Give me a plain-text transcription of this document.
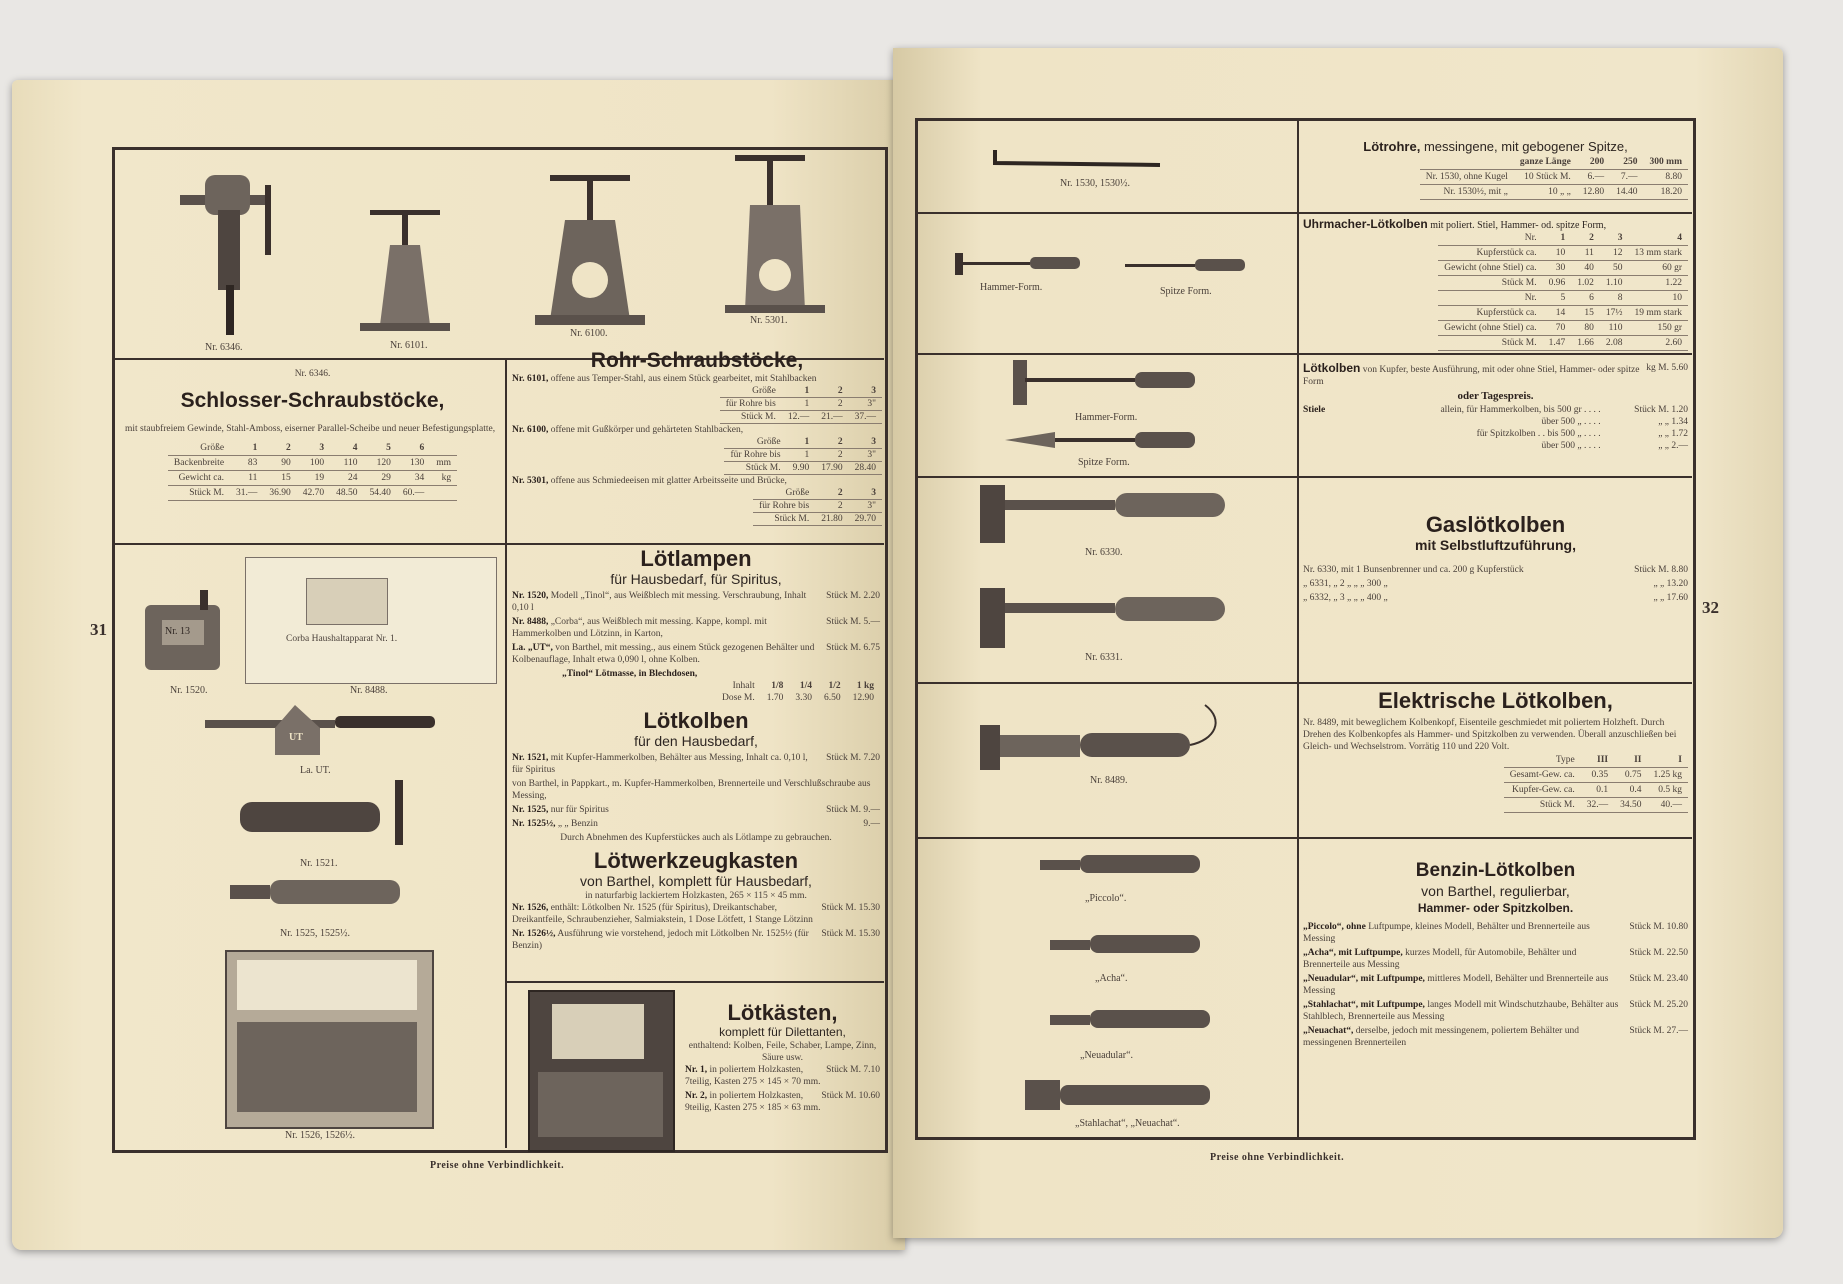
31
Preise ohne Verbindlichkeit.
Nr. 6346.	Nr. 6101.
Nr. 6100.
Nr. 5301.
Nr. 6346.
Schlosser-Schraubstöcke,
mit staubfreiem Gewinde, Stahl-Amboss, eiserner Parallel-Scheibe und neuer Befestigungsplatte,
Größe	1	2	3	4	5	6	
Backenbreite	83	90	100	110	120	130	mm
Gewicht ca.	11	15	19	24	29	34	kg
Stück M.	31.—	36.90	42.70	48.50	54.40	60.—	
Rohr-Schraubstöcke,
Nr. 6101, offene aus Temper-Stahl, aus einem Stück gearbeitet, mit Stahlbacken
Größe	1	2	3
für Rohre bis	1	2	3"
Stück M.	12.—	21.—	37.—
Nr. 6100, offene mit Gußkörper und gehärteten Stahlbacken,
Größe	1	2	3
für Rohre bis	1	2	3"
Stück M.	9.90	17.90	28.40
Nr. 5301, offene aus Schmiedeeisen mit glatter Arbeitsseite und Brücke,
Größe	2	3
für Rohre bis	2	3"
Stück M.	21.80	29.70
Nr. 13
Corba Haushaltapparat Nr. 1.
Nr. 1520.	Nr. 8488.
UT
La. UT.
Nr. 1521.
Nr. 1525, 1525½.
Nr. 1526, 1526½.
Lötlampen
für Hausbedarf, für Spiritus,
Stück M. 2.20
Nr. 1520, Modell „Tinol“, aus Weißblech mit messing. Verschraubung, Inhalt 0,10 l
Stück M. 5.—
Nr. 8488, „Corba“, aus Weißblech mit messing. Kappe, kompl. mit Hammerkolben und Lötzinn, in Karton,
Stück M. 6.75
La. „UT“, von Barthel, mit messing., aus einem Stück gezogenen Behälter und Kolbenauflage, Inhalt etwa 0,090 l, ohne Kolben.
„Tinol“ Lötmasse, in Blechdosen,
Inhalt	1/8	1/4	1/2	1 kg
Dose M.	1.70	3.30	6.50	12.90
Lötkolben
für den Hausbedarf,
Stück M. 7.20
Nr. 1521, mit Kupfer-Hammerkolben, Behälter aus Messing, Inhalt ca. 0,10 l, für Spiritus
von Barthel, in Pappkart., m. Kupfer-Hammerkolben, Brennerteile und Verschlußschraube aus Messing,
Stück M. 9.—
Nr. 1525, nur für Spiritus
9.—
Nr. 1525½, „ „ Benzin
Durch Abnehmen des Kupferstückes auch als Lötlampe zu gebrauchen.
Lötwerkzeugkasten
von Barthel, komplett für Hausbedarf,
in naturfarbig lackiertem Holzkasten, 265 × 115 × 45 mm.
Stück M. 15.30
Nr. 1526, enthält: Lötkolben Nr. 1525 (für Spiritus), Dreikantschaber, Dreikantfeile, Schraubenzieher, Salmiakstein, 1 Dose Lötfett, 1 Stange Lötzinn
Stück M. 15.30
Nr. 1526½, Ausführung wie vorstehend, jedoch mit Lötkolben Nr. 1525½ (für Benzin)
Lötkästen,
komplett für Dilettanten,
enthaltend: Kolben, Feile, Schaber, Lampe, Zinn, Säure usw.
Stück M. 7.10
Nr. 1, in poliertem Holzkasten, 7teilig, Kasten 275 × 145 × 70 mm.
Stück M. 10.60
Nr. 2, in poliertem Holzkasten, 9teilig, Kasten 275 × 185 × 63 mm.
32
Preise ohne Verbindlichkeit.
Nr. 1530, 1530½.
Hammer-Form.	Spitze Form.
Hammer-Form.
Spitze Form.
Nr. 6330.
Nr. 6331.
Nr. 8489.
„Piccolo“.
„Acha“.
„Neuadular“.
„Stahlachat“, „Neuachat“.
Lötrohre, messingene, mit gebogener Spitze,
	ganze Länge	200	250	300 mm
Nr. 1530, ohne Kugel	10 Stück M.	6.—	7.—	8.80
Nr. 1530½, mit „	10 „ „	12.80	14.40	18.20
Uhrmacher-Lötkolben mit poliert. Stiel, Hammer- od. spitze Form,
Nr.	1	2	3	4
Kupferstück ca.	10	11	12	13 mm stark
Gewicht (ohne Stiel) ca.	30	40	50	60 gr
Stück M.	0.96	1.02	1.10	1.22
Nr.	5	6	8	10
Kupferstück ca.	14	15	17½	19 mm stark
Gewicht (ohne Stiel) ca.	70	80	110	150 gr
Stück M.	1.47	1.66	2.08	2.60
kg M. 5.60
Lötkolben von Kupfer, beste Ausführung, mit oder ohne Stiel, Hammer- oder spitze Form
oder Tagespreis.
Stiele	allein, für Hammerkolben, bis 500 gr . . . .	Stück M. 1.20
über 500 „ . . . .	„ „ 1.34
für Spitzkolben . . bis 500 „ . . . .	„ „ 1.72
über 500 „ . . . .	„ „ 2.—
Gaslötkolben
mit Selbstluftzuführung,
Stück M. 8.80
Nr. 6330, mit 1 Bunsenbrenner und ca. 200 g Kupferstück
„ „ 13.20
„ 6331, „ 2 „ „ „ 300 „
„ „ 17.60
„ 6332, „ 3 „ „ „ 400 „
Elektrische Lötkolben,
Nr. 8489, mit beweglichem Kolbenkopf, Eisenteile geschmiedet mit poliertem Holzheft. Durch Drehen des Kolbenkopfes als Hammer- und Spitzkolben zu verwenden. Überall anzuschließen bei Gleich- und Wechselstrom. Vorrätig 110 und 220 Volt.
Type	III	II	I
Gesamt-Gew. ca.	0.35	0.75	1.25 kg
Kupfer-Gew. ca.	0.1	0.4	0.5 kg
Stück M.	32.—	34.50	40.—
Benzin-Lötkolben
von Barthel, regulierbar,
Hammer- oder Spitzkolben.
Stück M. 10.80
„Piccolo“, ohne Luftpumpe, kleines Modell, Behälter und Brennerteile aus Messing
Stück M. 22.50
„Acha“, mit Luftpumpe, kurzes Modell, für Automobile, Behälter und Brennerteile aus Messing
Stück M. 23.40
„Neuadular“, mit Luftpumpe, mittleres Modell, Behälter und Brennerteile aus Messing
Stück M. 25.20
„Stahlachat“, mit Luftpumpe, langes Modell mit Windschutzhaube, Behälter aus Stahlblech, Brennerteile aus Messing
Stück M. 27.—
„Neuachat“, derselbe, jedoch mit messingenem, poliertem Behälter und messingenen Brennerteilen
